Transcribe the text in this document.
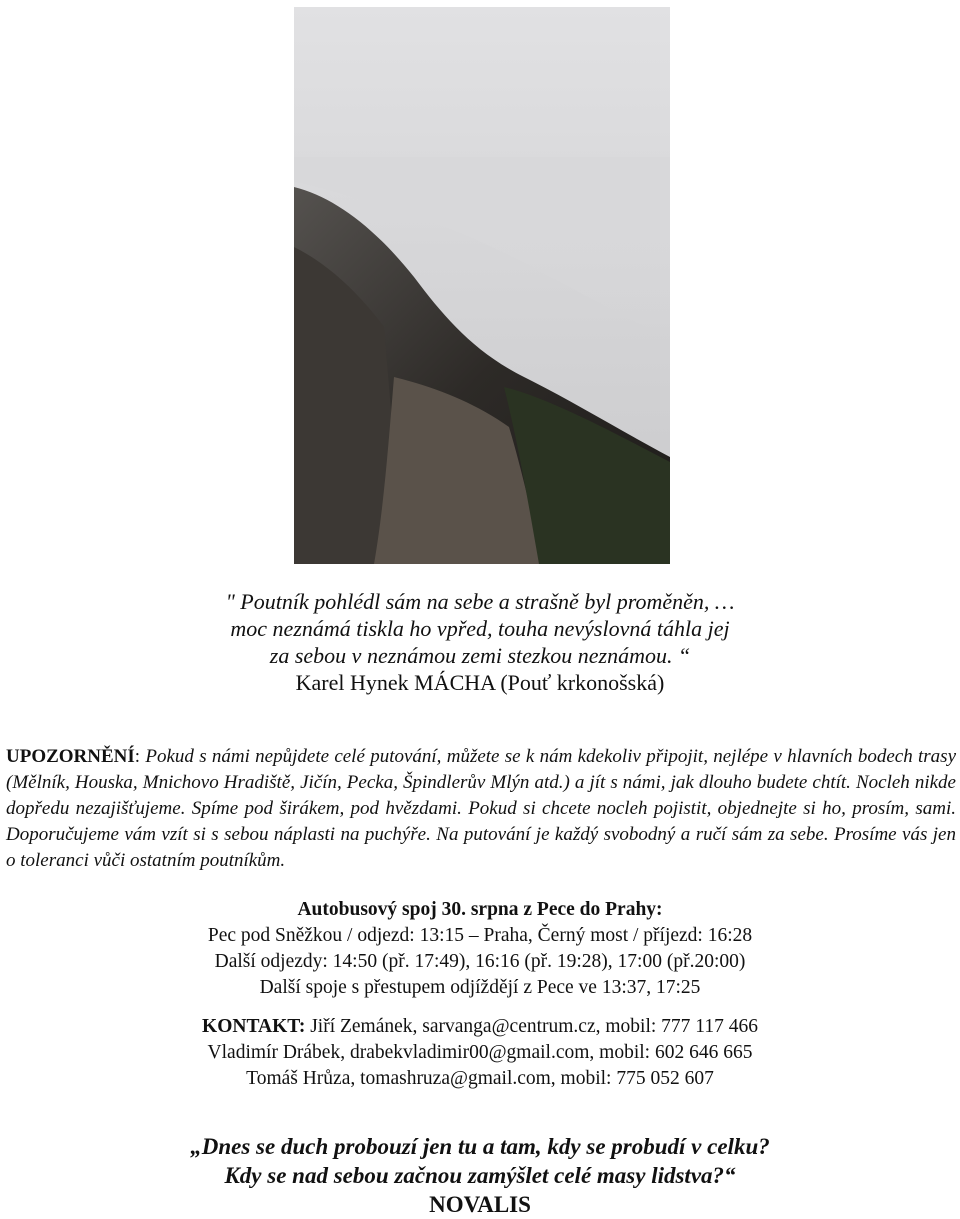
" Poutník pohlédl sám na sebe a strašně byl proměněn, …
moc neznámá tiskla ho vpřed, touha nevýslovná táhla jej
za sebou v neznámou zemi stezkou neznámou. “
Karel Hynek MÁCHA (Pouť krkonošská)
UPOZORNĚNÍ: Pokud s námi nepůjdete celé putování, můžete se k nám kdekoliv připojit, nejlépe v hlavních bodech trasy (Mělník, Houska, Mnichovo Hradiště, Jičín, Pecka, Špindlerův Mlýn atd.) a jít s námi, jak dlouho budete chtít. Nocleh nikde dopředu nezajišťujeme. Spíme pod širákem, pod hvězdami. Pokud si chcete nocleh pojistit, objednejte si ho, prosím, sami. Doporučujeme vám vzít si s sebou náplasti na puchýře. Na putování je každý svobodný a ručí sám za sebe. Prosíme vás jen o toleranci vůči ostatním poutníkům.
Autobusový spoj 30. srpna z Pece do Prahy:
Pec pod Sněžkou / odjezd: 13:15 – Praha, Černý most / příjezd: 16:28
Další odjezdy: 14:50 (př. 17:49), 16:16 (př. 19:28), 17:00 (př.20:00)
Další spoje s přestupem odjíždějí z Pece ve 13:37, 17:25
KONTAKT: Jiří Zemánek, sarvanga@centrum.cz, mobil: 777 117 466
Vladimír Drábek, drabekvladimir00@gmail.com, mobil: 602 646 665
Tomáš Hrůza, tomashruza@gmail.com, mobil: 775 052 607
„Dnes se duch probouzí jen tu a tam, kdy se probudí v celku?
Kdy se nad sebou začnou zamýšlet celé masy lidstva?“
NOVALIS
